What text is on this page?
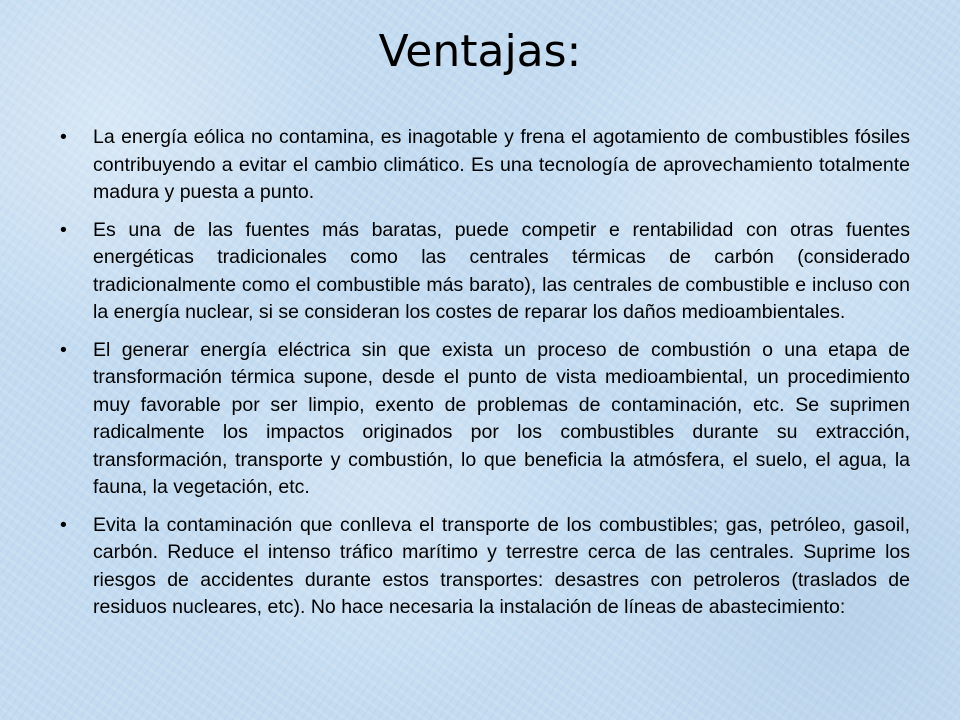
Ventajas:
• La energía eólica no contamina, es inagotable y frena el agotamiento de combustibles fósiles contribuyendo a evitar el cambio climático. Es una tecnología de aprovechamiento totalmente madura y puesta a punto.
• Es una de las fuentes más baratas, puede competir e rentabilidad con otras fuentes energéticas tradicionales como las centrales térmicas de carbón (considerado tradicionalmente como el combustible más barato), las centrales de combustible e incluso con la energía nuclear, si se consideran los costes de reparar los daños medioambientales.
• El generar energía eléctrica sin que exista un proceso de combustión o una etapa de transformación térmica supone, desde el punto de vista medioambiental, un procedimiento muy favorable por ser limpio, exento de problemas de contaminación, etc. Se suprimen radicalmente los impactos originados por los combustibles durante su extracción, transformación, transporte y combustión, lo que beneficia la atmósfera, el suelo, el agua, la fauna, la vegetación, etc.
• Evita la contaminación que conlleva el transporte de los combustibles; gas, petróleo, gasoil, carbón. Reduce el intenso tráfico marítimo y terrestre cerca de las centrales. Suprime los riesgos de accidentes durante estos transportes: desastres con petroleros (traslados de residuos nucleares, etc). No hace necesaria la instalación de líneas de abastecimiento:
